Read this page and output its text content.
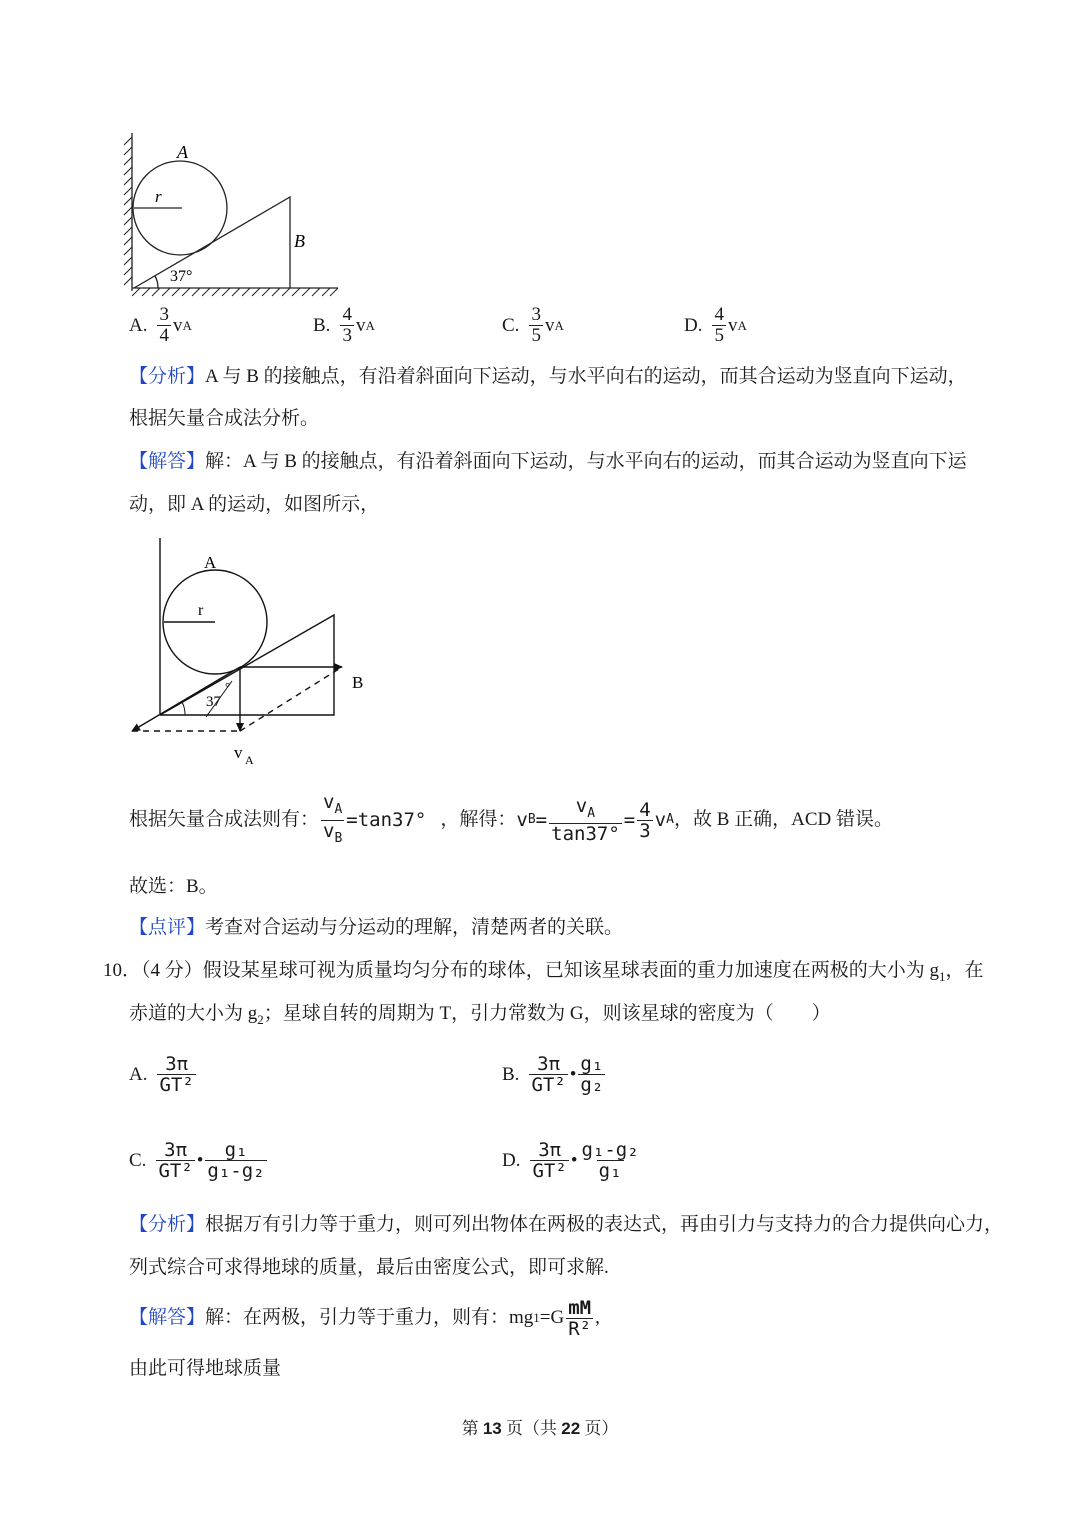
A
r
B
37°
A. $\frac{3}{4}$ v A	B. $\frac{4}{3}$ v A	C. $\frac{3}{5}$ v A	D. $\frac{4}{5}$ v A
【分析】A 与 B 的接触点，有沿着斜面向下运动，与水平向右的运动，而其合运动为竖直向下运动，
根据矢量合成法分析。
【解答】解：A 与 B 的接触点，有沿着斜面向下运动，与水平向右的运动，而其合运动为竖直向下运
动，即 A 的运动，如图所示，
A
r
B
37
°
v A
根据矢量合成法则有： $\frac{v_A}{v_B} =\tan 37^\circ$ ，解得： v $B = \frac{v_A}{\tan 37^\circ} = \frac{4}{3}$ v A ，故 B 正确，ACD 错误。
故选：B。
【点评】考查对合运动与分运动的理解，清楚两者的关联。
10．（4 分）假设某星球可视为质量均匀分布的球体，已知该星球表面的重力加速度在两极的大小为 $g_1$，在
赤道的大小为 $g_2$；星球自转的周期为 T，引力常数为 G，则该星球的密度为（　　）
A. $\frac{3\pi}{\text{GT²}}$	B. $\frac{3\pi}{\text{GT²}}$ • $\frac{\text{g₁}}{\text{g₂}}$
C. $\frac{3\pi}{\text{GT²}}$ • $\frac{\text{g₁}}{\text{g₁-g₂}}$	D. $\frac{3\pi}{\text{GT²}}$ • $\frac{\text{g₁-g₂}}{\text{g₁}}$
【分析】根据万有引力等于重力，则可列出物体在两极的表达式，再由引力与支持力的合力提供向心力，
列式综合可求得地球的质量，最后由密度公式，即可求解.
【解答】 解：在两极，引力等于重力，则有：mg $1 =G \frac{mM}{\text{R²}}$ ,
由此可得地球质量
第 13 页（共 22 页）
